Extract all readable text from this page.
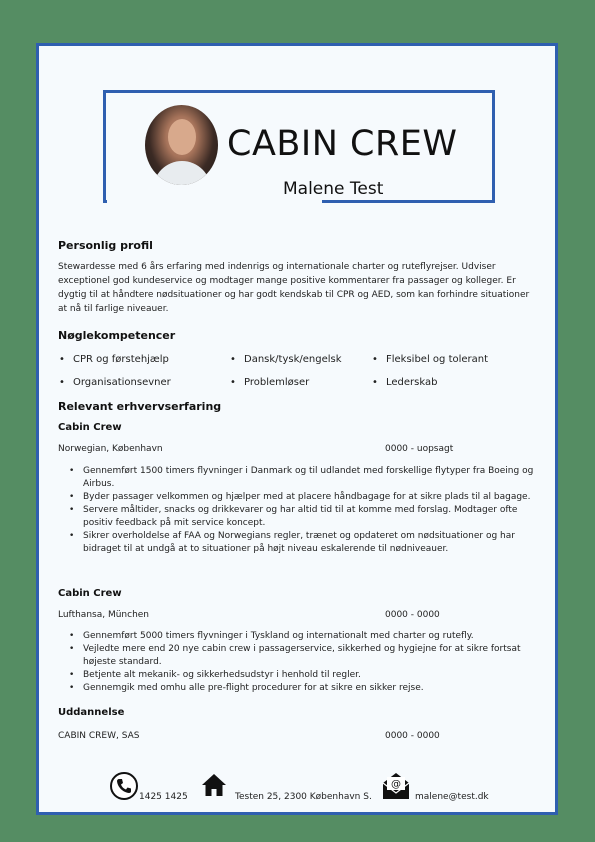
CABIN CREW
Malene Test
Personlig profil
Stewardesse med 6 års erfaring med indenrigs og internationale charter og ruteflyrejser. Udviser exceptionel god kundeservice og modtager mange positive kommentarer fra passager og kolleger. Er dygtig til at håndtere nødsituationer og har godt kendskab til CPR og AED, som kan forhindre situationer at nå til farlige niveauer.
Nøglekompetencer
• CPR og førstehjælp	• Dansk/tysk/engelsk	• Fleksibel og tolerant
• Organisationsevner	• Problemløser	• Lederskab
Relevant erhvervserfaring
Cabin Crew
Norwegian, København	0000 - uopsagt
• Gennemført 1500 timers flyvninger i Danmark og til udlandet med forskellige flytyper fra Boeing og Airbus.
• Byder passager velkommen og hjælper med at placere håndbagage for at sikre plads til al bagage.
• Servere måltider, snacks og drikkevarer og har altid tid til at komme med forslag. Modtager ofte positiv feedback på mit service koncept.
• Sikrer overholdelse af FAA og Norwegians regler, trænet og opdateret om nødsituationer og har bidraget til at undgå at to situationer på højt niveau eskalerende til nødniveauer.
Cabin Crew
Lufthansa, München	0000 - 0000
• Gennemført 5000 timers flyvninger i Tyskland og internationalt med charter og rutefly.
• Vejledte mere end 20 nye cabin crew i passagerservice, sikkerhed og hygiejne for at sikre fortsat højeste standard.
• Betjente alt mekanik- og sikkerhedsudstyr i henhold til regler.
• Gennemgik med omhu alle pre-flight procedurer for at sikre en sikker rejse.
Uddannelse
CABIN CREW, SAS	0000 - 0000
1425 1425	Testen 25, 2300 København S.
@
malene@test.dk
